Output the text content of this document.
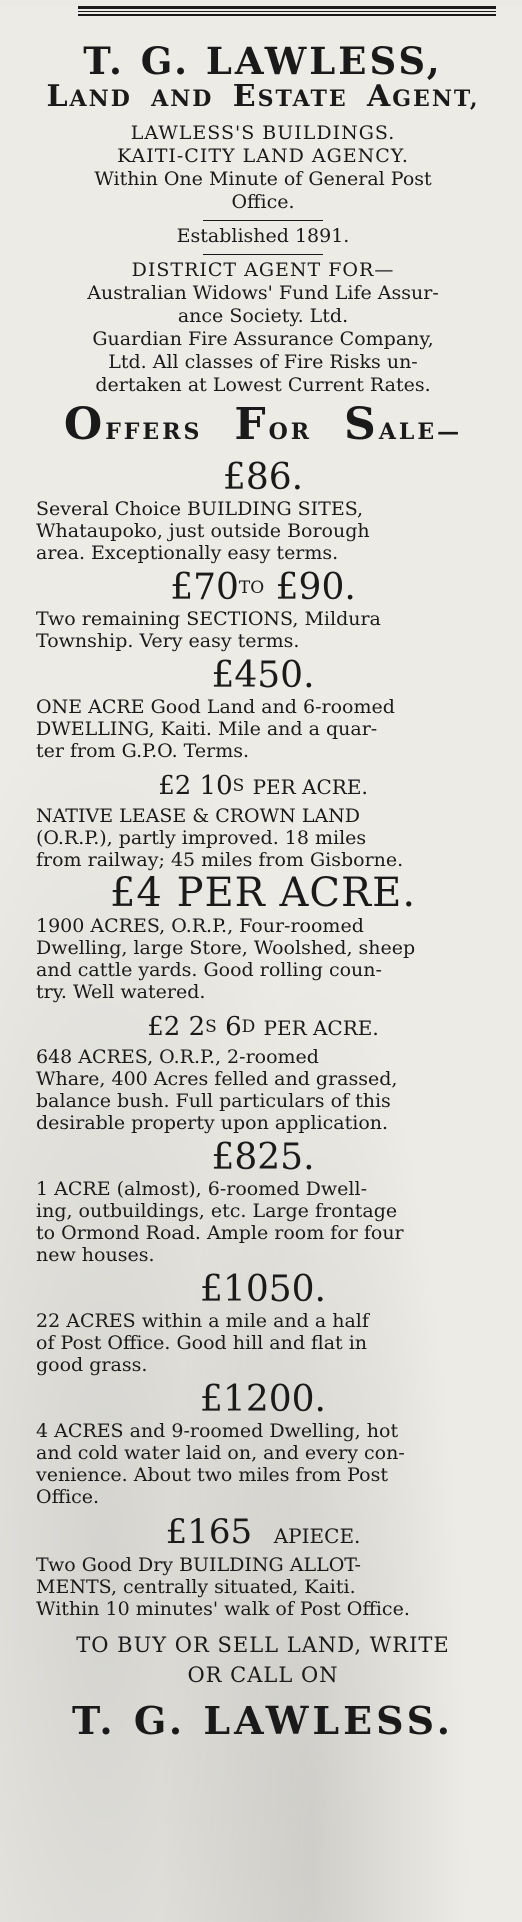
T. G. LAWLESS,
LAND AND ESTATE AGENT,
LAWLESS'S BUILDINGS.
KAITI-CITY LAND AGENCY.
Within One Minute of General Post
Office.
Established 1891.
DISTRICT AGENT FOR—
Australian Widows' Fund Life Assur-
ance Society. Ltd.
Guardian Fire Assurance Company,
Ltd. All classes of Fire Risks un-
dertaken at Lowest Current Rates.
OFFERS FOR SALE—
£86.
Several Choice BUILDING SITES,
Whataupoko, just outside Borough
area. Exceptionally easy terms.
$£70^{TO}$ £90.
Two remaining SECTIONS, Mildura
Township. Very easy terms.
£450.
ONE ACRE Good Land and 6-roomed
DWELLING, Kaiti. Mile and a quar-
ter from G.P.O. Terms.
£2 $10^S$ PER ACRE.
NATIVE LEASE & CROWN LAND
(O.R.P.), partly improved. 18 miles
from railway; 45 miles from Gisborne.
£4 PER ACRE.
1900 ACRES, O.R.P., Four-roomed
Dwelling, large Store, Woolshed, sheep
and cattle yards. Good rolling coun-
try. Well watered.
£2 $2^S$ $6^D$ PER ACRE.
648 ACRES, O.R.P., 2-roomed
Whare, 400 Acres felled and grassed,
balance bush. Full particulars of this
desirable property upon application.
£825.
1 ACRE (almost), 6-roomed Dwell-
ing, outbuildings, etc. Large frontage
to Ormond Road. Ample room for four
new houses.
£1050.
22 ACRES within a mile and a half
of Post Office. Good hill and flat in
good grass.
£1200.
4 ACRES and 9-roomed Dwelling, hot
and cold water laid on, and every con-
venience. About two miles from Post
Office.
£165 APIECE.
Two Good Dry BUILDING ALLOT-
MENTS, centrally situated, Kaiti.
Within 10 minutes' walk of Post Office.
TO BUY OR SELL LAND, WRITE
OR CALL ON
T. G. LAWLESS.
